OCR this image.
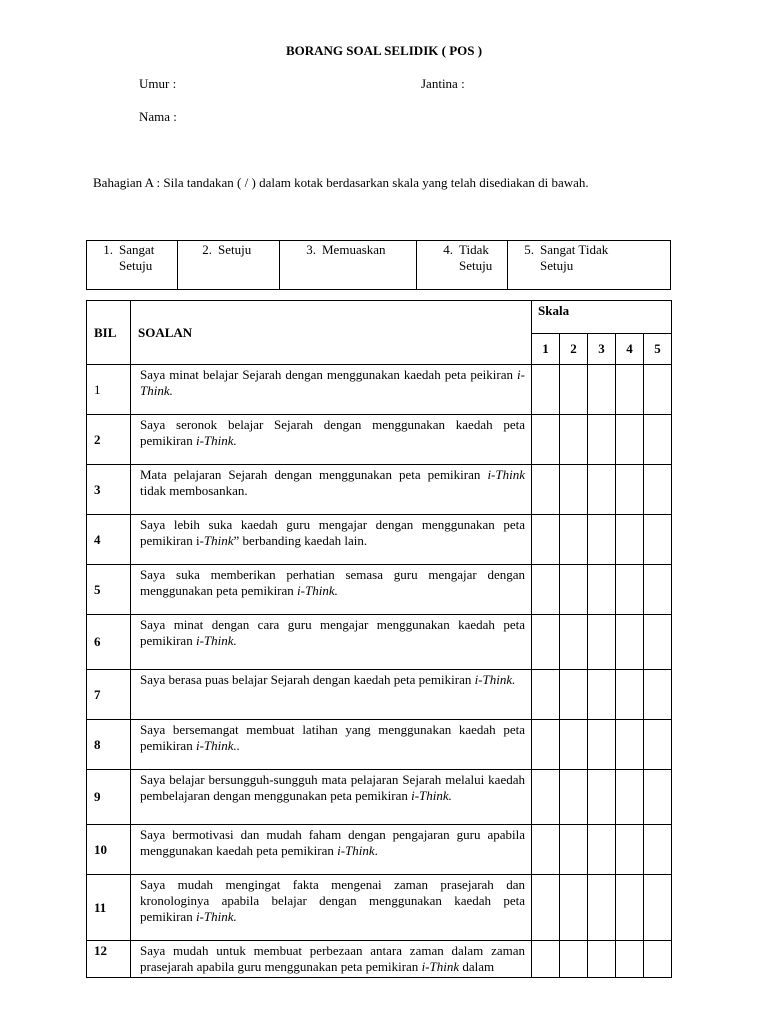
BORANG SOAL SELIDIK ( POS )
Umur :	Jantina :
Nama :
Bahagian A : Sila tandakan ( / ) dalam kotak berdasarkan skala yang telah disediakan di bawah.
1. Sangat
Setuju

2. Setuju	3. Memuaskan	4. Tidak
Setuju

5. Sangat Tidak
Setuju
BIL	SOALAN	Skala				
		1	2	3	4	5
1	Saya minat belajar Sejarah dengan menggunakan kaedah peta peikiran i-Think.					
2	Saya seronok belajar Sejarah dengan menggunakan kaedah peta pemikiran i-Think.					
3	Mata pelajaran Sejarah dengan menggunakan peta pemikiran i-Think tidak membosankan.					
4	Saya lebih suka kaedah guru mengajar dengan menggunakan peta pemikiran i-Think” berbanding kaedah lain.					
5	Saya suka memberikan perhatian semasa guru mengajar dengan menggunakan peta pemikiran i-Think.					
6	Saya minat dengan cara guru mengajar menggunakan kaedah peta pemikiran i-Think.					
7	Saya berasa puas belajar Sejarah dengan kaedah peta pemikiran i-Think.					
8	Saya bersemangat membuat latihan yang menggunakan kaedah peta pemikiran i-Think..					
9	Saya belajar bersungguh-sungguh mata pelajaran Sejarah melalui kaedah pembelajaran dengan menggunakan peta pemikiran i-Think.					
10	Saya bermotivasi dan mudah faham dengan pengajaran guru apabila menggunakan kaedah peta pemikiran i-Think.					
11	Saya mudah mengingat fakta mengenai zaman prasejarah dan kronologinya apabila belajar dengan menggunakan kaedah peta pemikiran i-Think.					
12	Saya mudah untuk membuat perbezaan antara zaman dalam zaman prasejarah apabila guru menggunakan peta pemikiran i-Think dalam					
